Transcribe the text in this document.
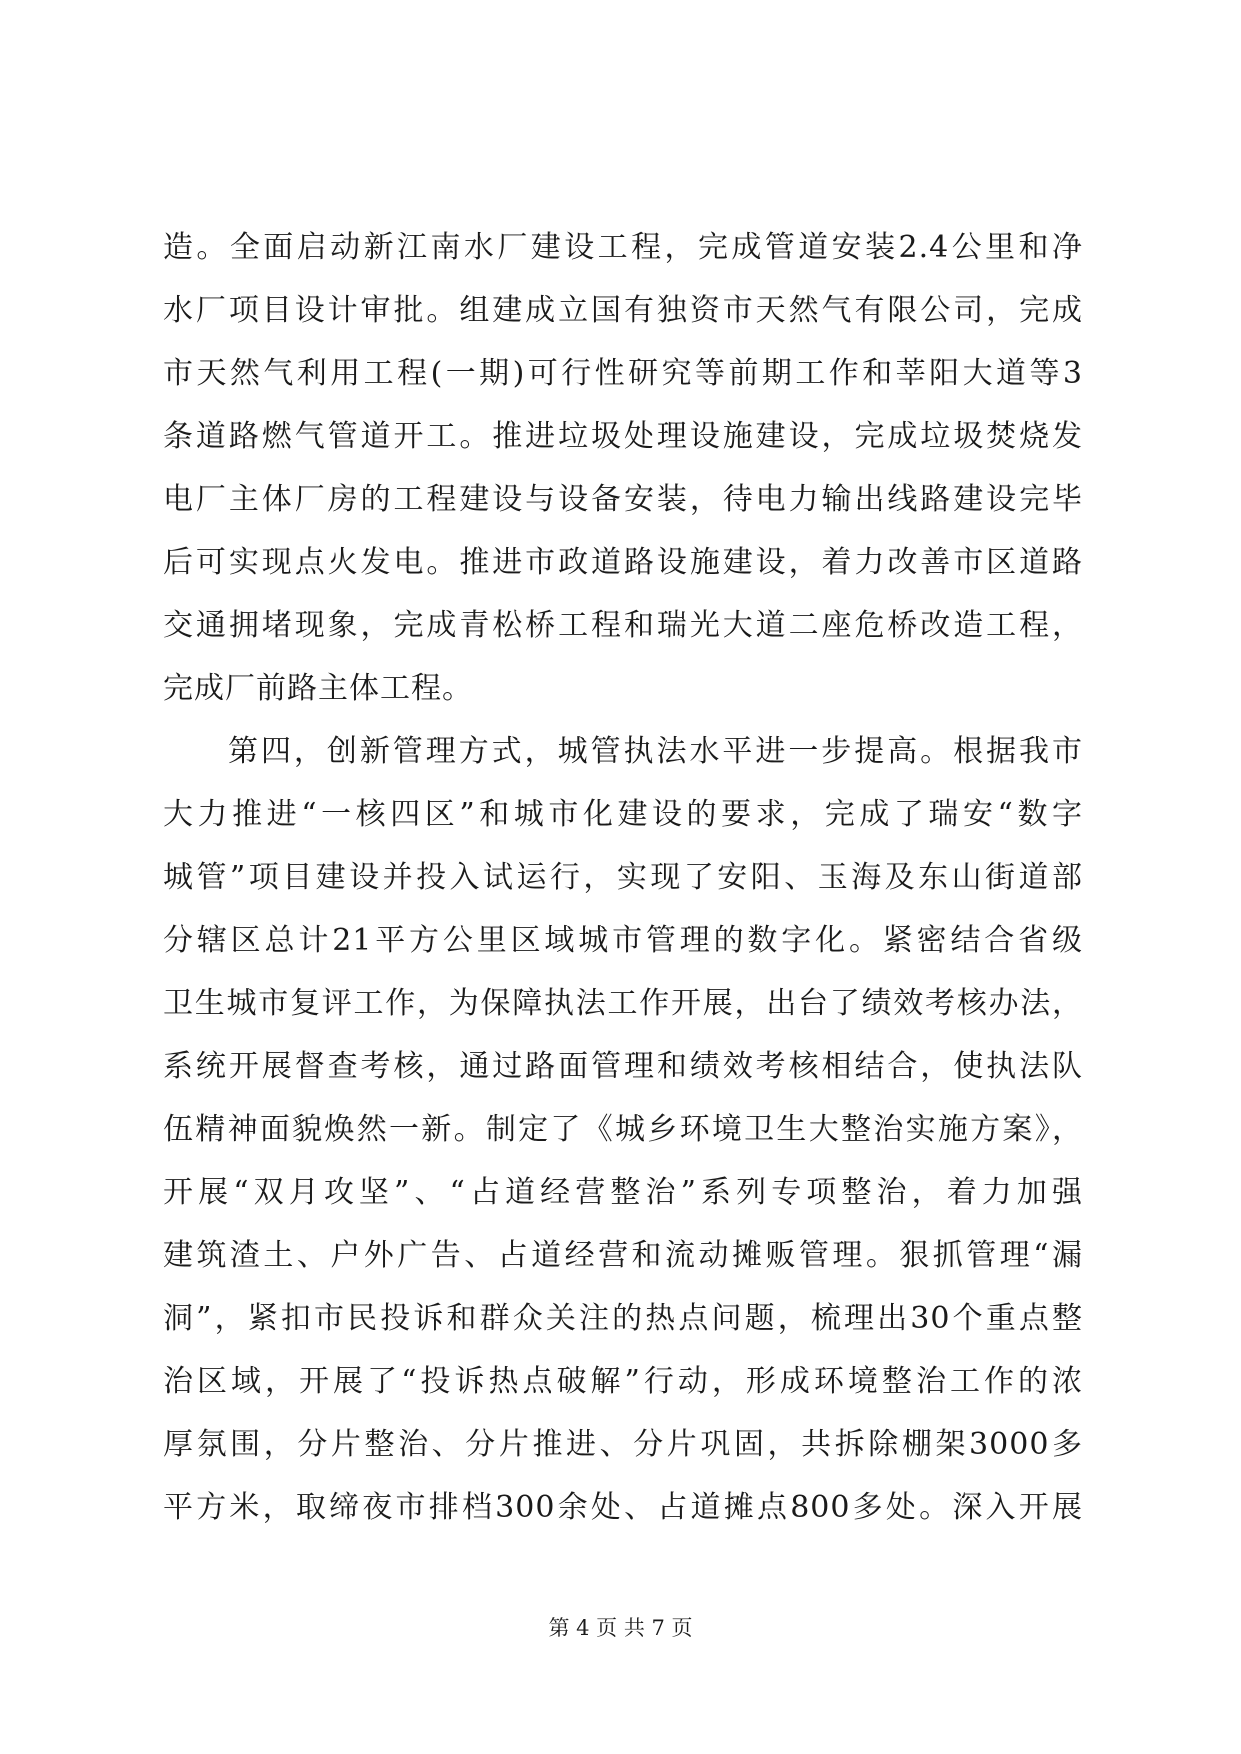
造。全面启动新江南水厂建设工程，完成管道安装2.4公里和净
水厂项目设计审批。组建成立国有独资市天然气有限公司，完成
市天然气利用工程(一期)可行性研究等前期工作和莘阳大道等3
条道路燃气管道开工。推进垃圾处理设施建设，完成垃圾焚烧发
电厂主体厂房的工程建设与设备安装，待电力输出线路建设完毕
后可实现点火发电。推进市政道路设施建设，着力改善市区道路
交通拥堵现象，完成青松桥工程和瑞光大道二座危桥改造工程，
完成厂前路主体工程。
第四，创新管理方式，城管执法水平进一步提高。根据我市
大力推进“一核四区”和城市化建设的要求，完成了瑞安“数字
城管”项目建设并投入试运行，实现了安阳、玉海及东山街道部
分辖区总计21平方公里区域城市管理的数字化。紧密结合省级
卫生城市复评工作，为保障执法工作开展，出台了绩效考核办法，
系统开展督查考核，通过路面管理和绩效考核相结合，使执法队
伍精神面貌焕然一新。制定了《城乡环境卫生大整治实施方案》，
开展“双月攻坚”、“占道经营整治”系列专项整治，着力加强
建筑渣土、户外广告、占道经营和流动摊贩管理。狠抓管理“漏
洞”，紧扣市民投诉和群众关注的热点问题，梳理出30个重点整
治区域，开展了“投诉热点破解”行动，形成环境整治工作的浓
厚氛围，分片整治、分片推进、分片巩固，共拆除棚架3000多
平方米，取缔夜市排档300余处、占道摊点800多处。深入开展
第 4 页 共 7 页
